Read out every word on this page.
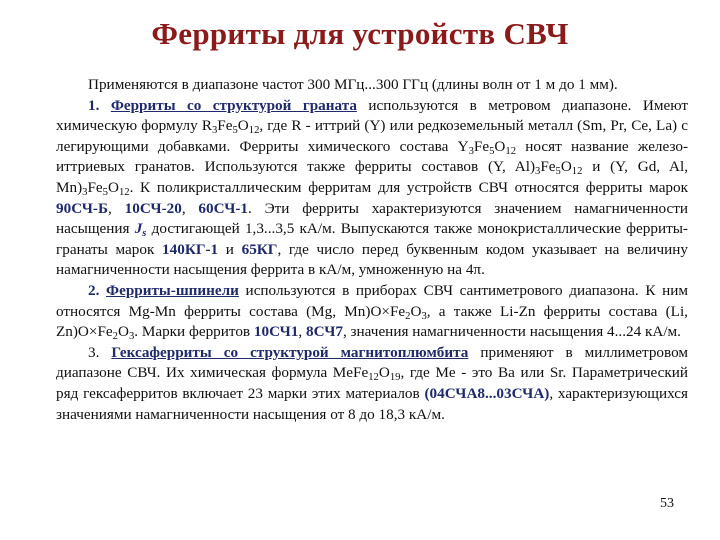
Ферриты для устройств СВЧ

Применяются в диапазоне частот 300 МГц...300 ГГц (длины волн от 1 м до 1 мм).

1. Ферриты со структурой граната используются в метровом диапазоне. Имеют химическую формулу $R_3Fe_5O_{12}$, где R - иттрий (Y) или редкоземельный металл (Sm, Pr, Ce, La) с легирующими добавками. Ферриты химического состава $Y_3Fe_5O_{12}$ носят название железо-иттриевых гранатов. Используются также ферриты составов (Y, $Al)_3Fe_5O_{12}$ и (Y, Gd, Al, $Mn)_3Fe_5O_{12}$. К поликристаллическим ферритам для устройств СВЧ относятся ферриты марок 90СЧ-Б, 10СЧ-20, 60СЧ-1. Эти ферриты характеризуются значением намагниченности насыщения $J_s$ достигающей 1,3...3,5 кА/м. Выпускаются также монокристаллические ферриты-гранаты марок 140КГ-1 и 65КГ, где число перед буквенным кодом указывает на величину намагниченности насыщения феррита в кА/м, умноженную на 4π.

2. Ферриты-шпинели используются в приборах СВЧ сантиметрового диапазона. К ним относятся Mg-Mn ферриты состава (Mg, $Mn)O\times Fe_2O_3$, а также Li-Zn ферриты состава (Li, $Zn)O\times Fe_2O_3$. Марки ферритов 10СЧ1, 8СЧ7, значения намагниченности насыщения 4...24 кА/м.

3. Гексаферриты со структурой магнитоплюмбита применяют в миллиметровом диапазоне СВЧ. Их химическая формула $MeFe_{12}O_{19}$, где Me - это Ba или Sr. Параметрический ряд гексаферритов включает 23 марки этих материалов (04СЧА8...03СЧА), характеризующихся значениями намагниченности насыщения от 8 до 18,3 кА/м.

53
